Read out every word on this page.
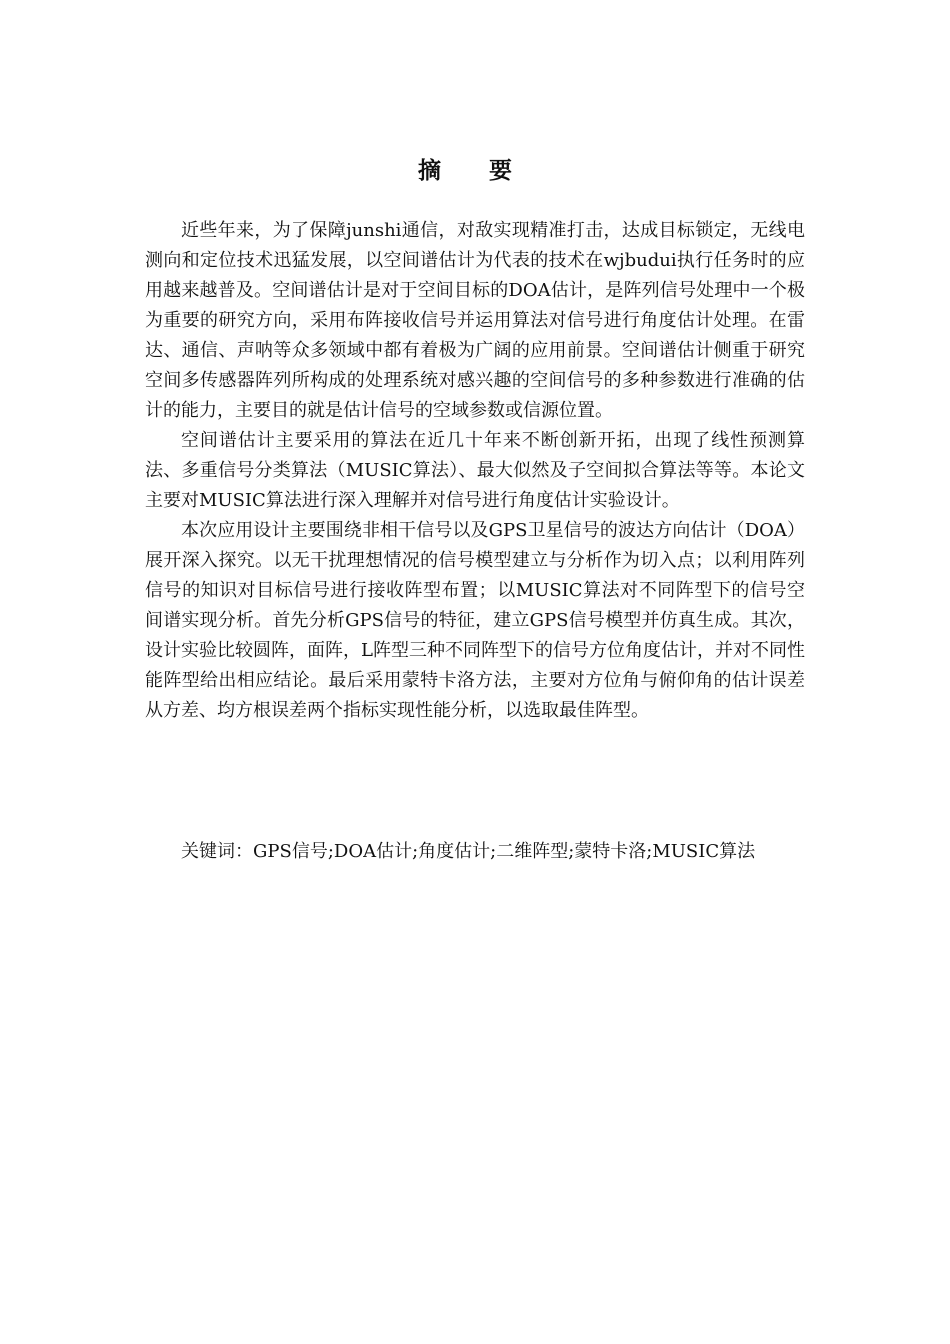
摘 要

近些年来，为了保障junshi通信，对敌实现精准打击，达成目标锁定，无线电测向和定位技术迅猛发展，以空间谱估计为代表的技术在wjbudui执行任务时的应用越来越普及。空间谱估计是对于空间目标的DOA估计，是阵列信号处理中一个极为重要的研究方向，采用布阵接收信号并运用算法对信号进行角度估计处理。在雷达、通信、声呐等众多领域中都有着极为广阔的应用前景。空间谱估计侧重于研究空间多传感器阵列所构成的处理系统对感兴趣的空间信号的多种参数进行准确的估计的能力，主要目的就是估计信号的空域参数或信源位置。

空间谱估计主要采用的算法在近几十年来不断创新开拓，出现了线性预测算法、多重信号分类算法（MUSIC算法）、最大似然及子空间拟合算法等等。本论文主要对MUSIC算法进行深入理解并对信号进行角度估计实验设计。

本次应用设计主要围绕非相干信号以及GPS卫星信号的波达方向估计（DOA）展开深入探究。以无干扰理想情况的信号模型建立与分析作为切入点；以利用阵列信号的知识对目标信号进行接收阵型布置；以MUSIC算法对不同阵型下的信号空间谱实现分析。首先分析GPS信号的特征，建立GPS信号模型并仿真生成。其次，设计实验比较圆阵，面阵，L阵型三种不同阵型下的信号方位角度估计，并对不同性能阵型给出相应结论。最后采用蒙特卡洛方法，主要对方位角与俯仰角的估计误差从方差、均方根误差两个指标实现性能分析，以选取最佳阵型。

关键词：GPS信号;DOA估计;角度估计;二维阵型;蒙特卡洛;MUSIC算法
